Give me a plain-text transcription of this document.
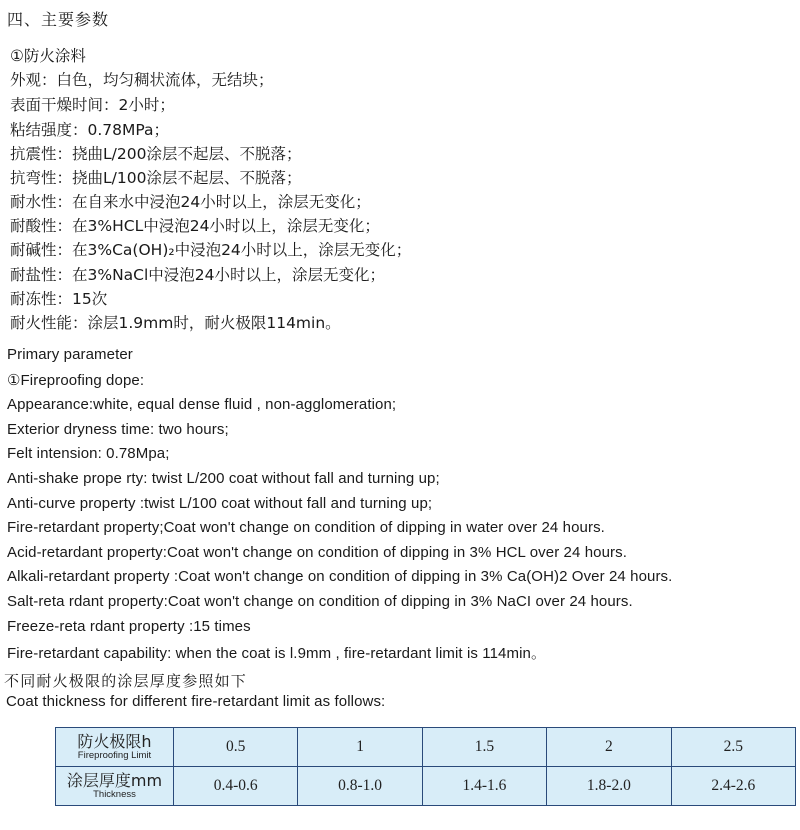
四、主要参数
①防火涂料
外观：白色，均匀稠状流体，无结块；
表面干燥时间：2小时；
粘结强度：0.78MPa；
抗震性：挠曲L/200涂层不起层、不脱落；
抗弯性：挠曲L/100涂层不起层、不脱落；
耐水性：在自来水中浸泡24小时以上，涂层无变化；
耐酸性：在3%HCL中浸泡24小时以上，涂层无变化；
耐碱性：在3%Ca(OH)₂中浸泡24小时以上，涂层无变化；
耐盐性：在3%NaCl中浸泡24小时以上，涂层无变化；
耐冻性：15次
耐火性能：涂层1.9mm时，耐火极限114min。
Primary parameter
①Fireproofing dope:
Appearance:white, equal dense fluid , non-agglomeration;
Exterior dryness time: two hours;
Felt intension: 0.78Mpa;
Anti-shake prope rty: twist L/200 coat without fall and turning up;
Anti-curve property :twist L/100 coat without fall and turning up;
Fire-retardant property;Coat won't change on condition of dipping in water over 24 hours.
Acid-retardant property:Coat won't change on condition of dipping in 3% HCL over 24 hours.
Alkali-retardant property :Coat won't change on condition of dipping in 3% Ca(OH)2 Over 24 hours.
Salt-reta rdant property:Coat won't change on condition of dipping in 3% NaCI over 24 hours.
Freeze-reta rdant property :15 times
Fire-retardant capability: when the coat is l.9mm , fire-retardant limit is 114min。
不同耐火极限的涂层厚度参照如下
Coat thickness for different fire-retardant limit as follows:
防火极限h
Fireproofing Limit	0.5	1	1.5	2	2.5

涂层厚度mm
Thickness	0.4-0.6	0.8-1.0	1.4-1.6	1.8-2.0	2.4-2.6
